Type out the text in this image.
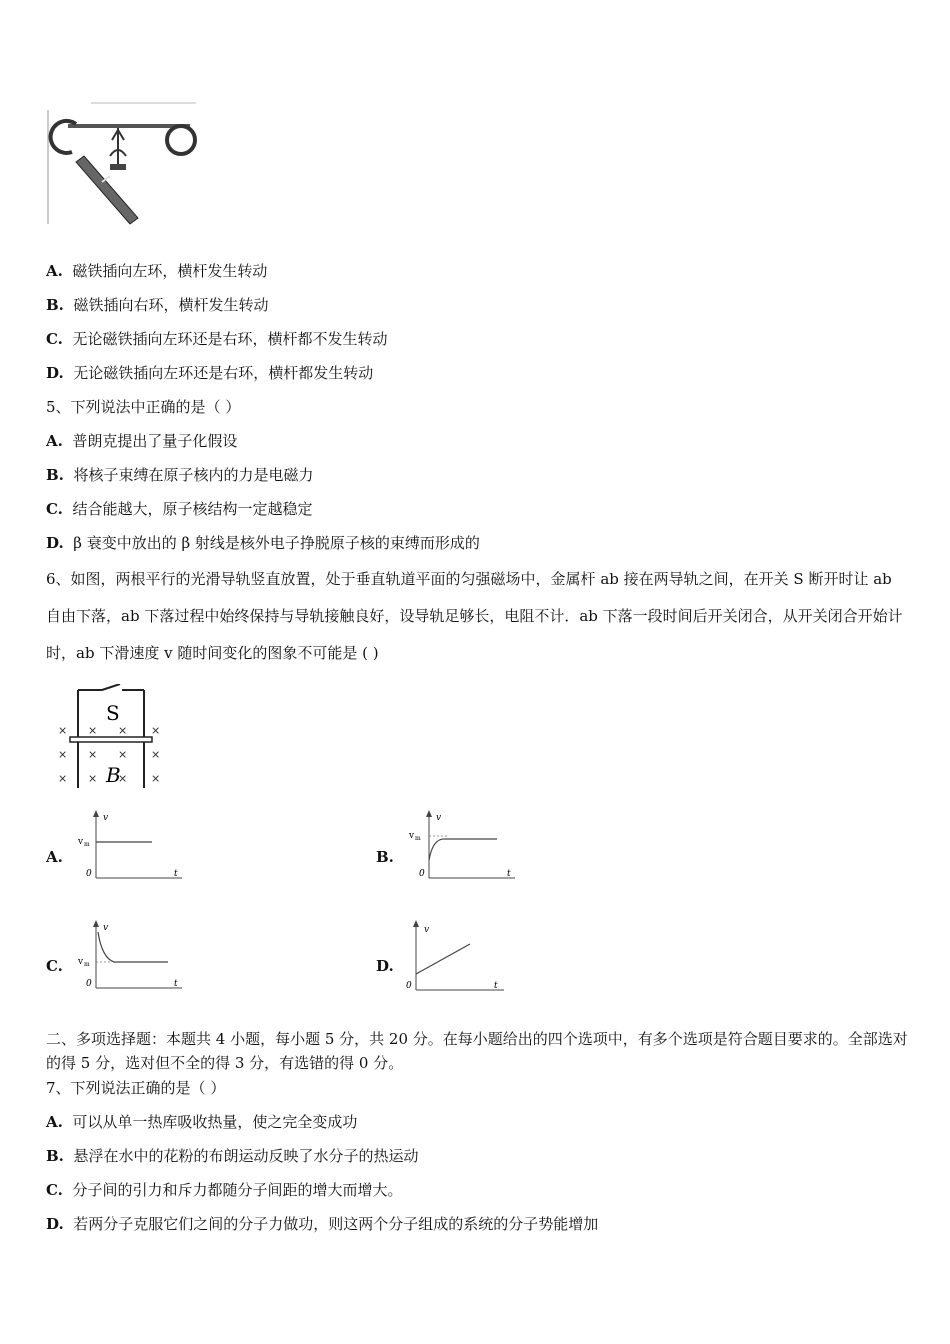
A. 磁铁插向左环，横杆发生转动
B. 磁铁插向右环，横杆发生转动
C. 无论磁铁插向左环还是右环，横杆都不发生转动
D. 无论磁铁插向左环还是右环，横杆都发生转动
5、下列说法中正确的是（ ）
A. 普朗克提出了量子化假设
B. 将核子束缚在原子核内的力是电磁力
C. 结合能越大，原子核结构一定越稳定
D. β 衰变中放出的 β 射线是核外电子挣脱原子核的束缚而形成的
6、如图，两根平行的光滑导轨竖直放置，处于垂直轨道平面的匀强磁场中，金属杆 ab 接在两导轨之间，在开关 S 断开时让 ab 自由下落，ab 下落过程中始终保持与导轨接触良好，设导轨足够长，电阻不计．ab 下落一段时间后开关闭合，从开关闭合开始计时，ab 下滑速度 v 随时间变化的图象不可能是 ( )
S
B
× × × ×
× × × ×
× × × ×
A.	B.
C.	D.
v
v m
0	t
v
v m
0	t
v
v m
0	t
v
0	t
二、多项选择题：本题共 4 小题，每小题 5 分，共 20 分。在每小题给出的四个选项中，有多个选项是符合题目要求的。全部选对的得 5 分，选对但不全的得 3 分，有选错的得 0 分。
7、下列说法正确的是（ ）
A. 可以从单一热库吸收热量，使之完全变成功
B. 悬浮在水中的花粉的布朗运动反映了水分子的热运动
C. 分子间的引力和斥力都随分子间距的增大而增大。
D. 若两分子克服它们之间的分子力做功，则这两个分子组成的系统的分子势能增加
